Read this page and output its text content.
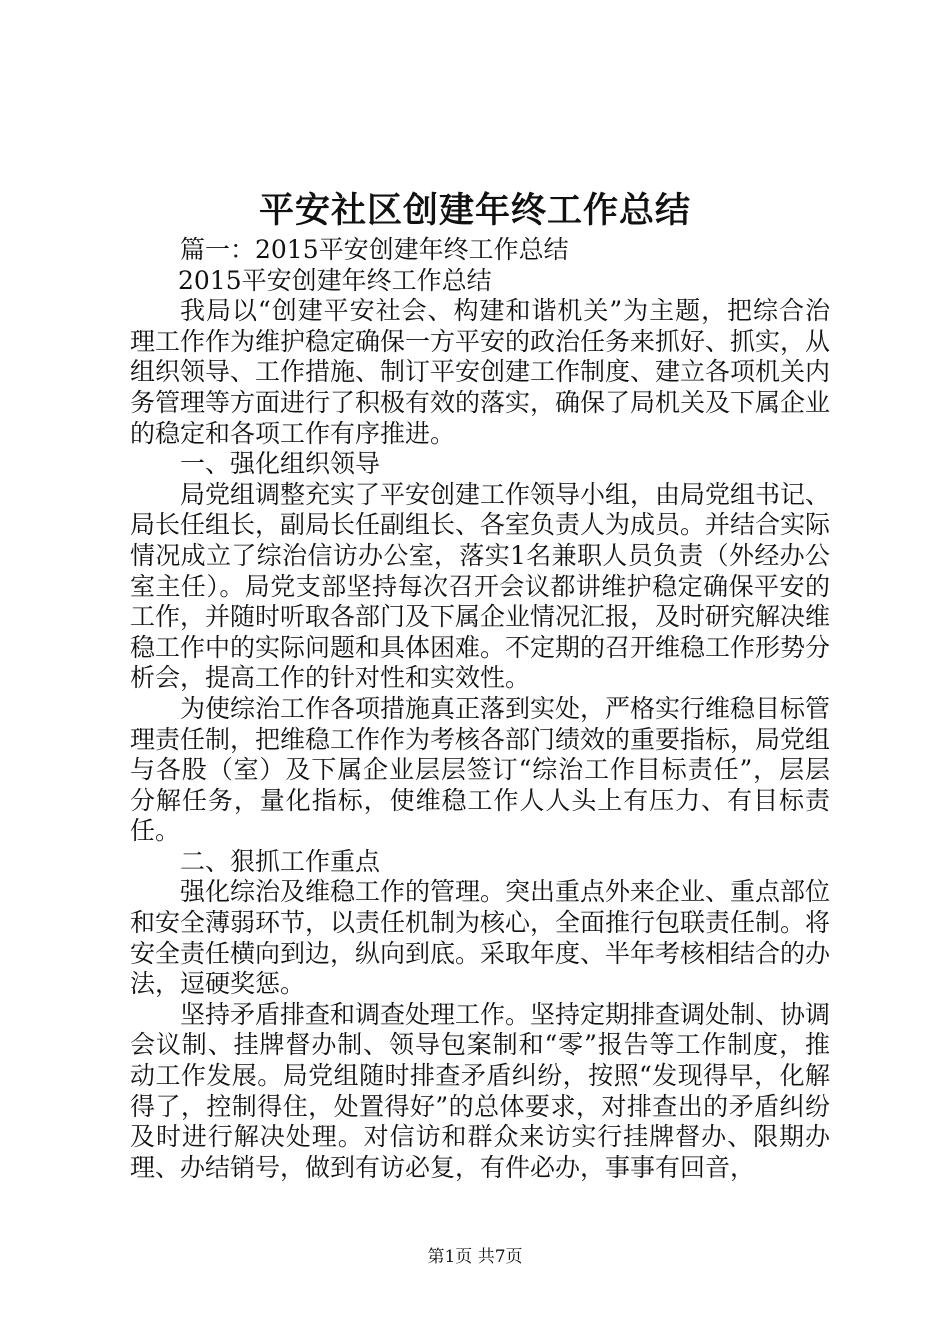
平安社区创建年终工作总结

篇一：2015平安创建年终工作总结

2015平安创建年终工作总结

我局以“创建平安社会、构建和谐机关”为主题，把综合治理工作作为维护稳定确保一方平安的政治任务来抓好、抓实，从组织领导、工作措施、制订平安创建工作制度、建立各项机关内务管理等方面进行了积极有效的落实，确保了局机关及下属企业的稳定和各项工作有序推进。

一、强化组织领导

局党组调整充实了平安创建工作领导小组，由局党组书记、局长任组长，副局长任副组长、各室负责人为成员。并结合实际情况成立了综治信访办公室，落实1名兼职人员负责（外经办公室主任）。局党支部坚持每次召开会议都讲维护稳定确保平安的工作，并随时听取各部门及下属企业情况汇报，及时研究解决维稳工作中的实际问题和具体困难。不定期的召开维稳工作形势分析会，提高工作的针对性和实效性。

为使综治工作各项措施真正落到实处，严格实行维稳目标管理责任制，把维稳工作作为考核各部门绩效的重要指标，局党组与各股（室）及下属企业层层签订“综治工作目标责任”，层层分解任务，量化指标，使维稳工作人人头上有压力、有目标责任。

二、狠抓工作重点

强化综治及维稳工作的管理。突出重点外来企业、重点部位和安全薄弱环节，以责任机制为核心，全面推行包联责任制。将安全责任横向到边，纵向到底。采取年度、半年考核相结合的办法，逗硬奖惩。

坚持矛盾排查和调查处理工作。坚持定期排查调处制、协调会议制、挂牌督办制、领导包案制和“零”报告等工作制度，推动工作发展。局党组随时排查矛盾纠纷，按照“发现得早，化解得了，控制得住，处置得好”的总体要求，对排查出的矛盾纠纷及时进行解决处理。对信访和群众来访实行挂牌督办、限期办理、办结销号，做到有访必复，有件必办，事事有回音，

第1页 共7页
